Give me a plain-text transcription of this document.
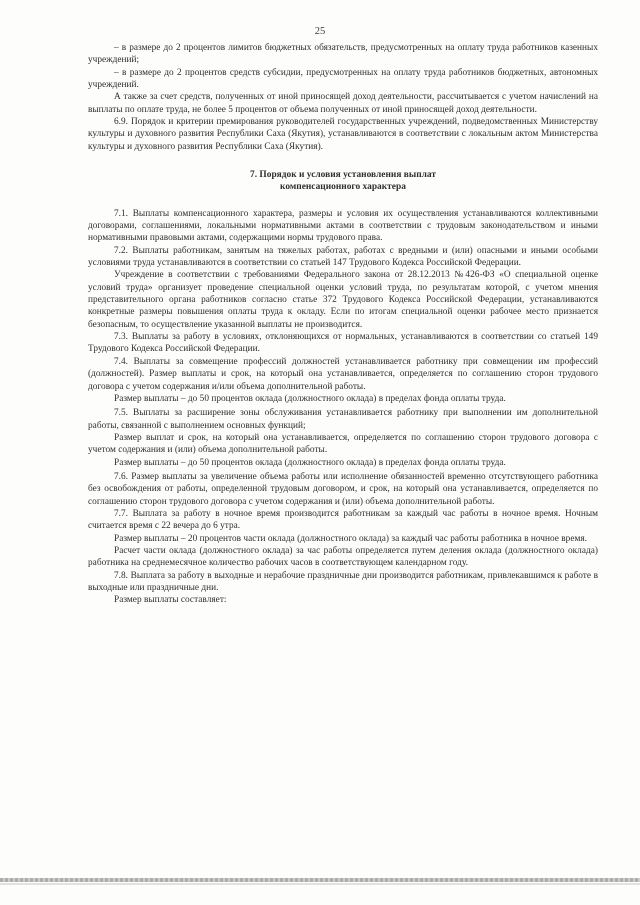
25

– в размере до 2 процентов лимитов бюджетных обязательств, предусмотренных на оплату труда работников казенных учреждений;

– в размере до 2 процентов средств субсидии, предусмотренных на оплату труда работников бюджетных, автономных учреждений.

А также за счет средств, полученных от иной приносящей доход деятельности, рассчитывается с учетом начислений на выплаты по оплате труда, не более 5 процентов от объема полученных от иной приносящей доход деятельности.

6.9. Порядок и критерии премирования руководителей государственных учреждений, подведомственных Министерству культуры и духовного развития Республики Саха (Якутия), устанавливаются в соответствии с локальным актом Министерства культуры и духовного развития Республики Саха (Якутия).

7. Порядок и условия установления выплат
компенсационного характера

7.1. Выплаты компенсационного характера, размеры и условия их осуществления устанавливаются коллективными договорами, соглашениями, локальными нормативными актами в соответствии с трудовым законодательством и иными нормативными правовыми актами, содержащими нормы трудового права.

7.2. Выплаты работникам, занятым на тяжелых работах, работах с вредными и (или) опасными и иными особыми условиями труда устанавливаются в соответствии со статьей 147 Трудового Кодекса Российской Федерации.

Учреждение в соответствии с требованиями Федерального закона от 28.12.2013 №426-ФЗ «О специальной оценке условий труда» организует проведение специальной оценки условий труда, по результатам которой, с учетом мнения представительного органа работников согласно статье 372 Трудового Кодекса Российской Федерации, устанавливаются конкретные размеры повышения оплаты труда к окладу. Если по итогам специальной оценки рабочее место признается безопасным, то осуществление указанной выплаты не производится.

7.3. Выплаты за работу в условиях, отклоняющихся от нормальных, устанавливаются в соответствии со статьей 149 Трудового Кодекса Российской Федерации.

7.4. Выплаты за совмещение профессий должностей устанавливается работнику при совмещении им профессий (должностей). Размер выплаты и срок, на который она устанавливается, определяется по соглашению сторон трудового договора с учетом содержания и/или объема дополнительной работы.

Размер выплаты – до 50 процентов оклада (должностного оклада) в пределах фонда оплаты труда.

7.5. Выплаты за расширение зоны обслуживания устанавливается работнику при выполнении им дополнительной работы, связанной с выполнением основных функций;

Размер выплат и срок, на который она устанавливается, определяется по соглашению сторон трудового договора с учетом содержания и (или) объема дополнительной работы.

Размер выплаты – до 50 процентов оклада (должностного оклада) в пределах фонда оплаты труда.

7.6. Размер выплаты за увеличение объема работы или исполнение обязанностей временно отсутствующего работника без освобождения от работы, определенной трудовым договором, и срок, на который она устанавливается, определяется по соглашению сторон трудового договора с учетом содержания и (или) объема дополнительной работы.

7.7. Выплата за работу в ночное время производится работникам за каждый час работы в ночное время. Ночным считается время с 22 вечера до 6 утра.

Размер выплаты – 20 процентов части оклада (должностного оклада) за каждый час работы работника в ночное время.

Расчет части оклада (должностного оклада) за час работы определяется путем деления оклада (должностного оклада) работника на среднемесячное количество рабочих часов в соответствующем календарном году.

7.8. Выплата за работу в выходные и нерабочие праздничные дни производится работникам, привлекавшимся к работе в выходные или праздничные дни.

Размер выплаты составляет:
